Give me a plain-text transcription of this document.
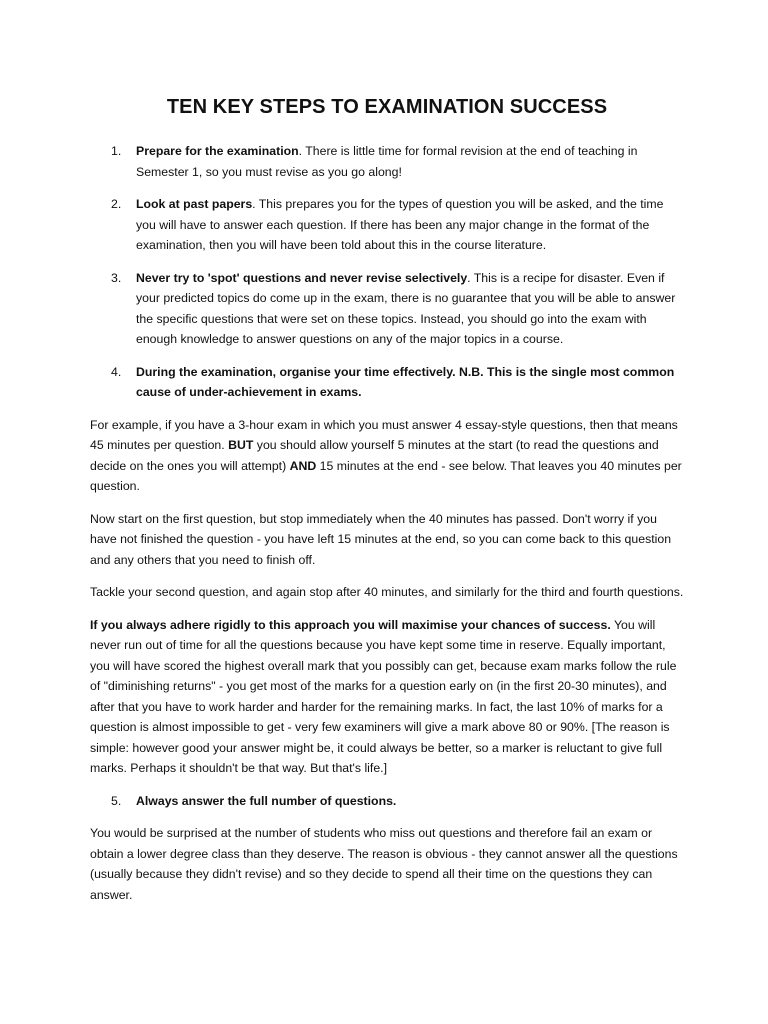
TEN KEY STEPS TO EXAMINATION SUCCESS
1.	Prepare for the examination. There is little time for formal revision at the end of teaching in Semester 1, so you must revise as you go along!
2.	Look at past papers. This prepares you for the types of question you will be asked, and the time you will have to answer each question. If there has been any major change in the format of the examination, then you will have been told about this in the course literature.
3.	Never try to 'spot' questions and never revise selectively. This is a recipe for disaster. Even if your predicted topics do come up in the exam, there is no guarantee that you will be able to answer the specific questions that were set on these topics. Instead, you should go into the exam with enough knowledge to answer questions on any of the major topics in a course.
4.	During the examination, organise your time effectively. N.B. This is the single most common cause of under-achievement in exams.

For example, if you have a 3-hour exam in which you must answer 4 essay-style questions, then that means 45 minutes per question. BUT you should allow yourself 5 minutes at the start (to read the questions and decide on the ones you will attempt) AND 15 minutes at the end - see below. That leaves you 40 minutes per question.

Now start on the first question, but stop immediately when the 40 minutes has passed. Don't worry if you have not finished the question - you have left 15 minutes at the end, so you can come back to this question and any others that you need to finish off.

Tackle your second question, and again stop after 40 minutes, and similarly for the third and fourth questions.

If you always adhere rigidly to this approach you will maximise your chances of success. You will never run out of time for all the questions because you have kept some time in reserve. Equally important, you will have scored the highest overall mark that you possibly can get, because exam marks follow the rule of "diminishing returns" - you get most of the marks for a question early on (in the first 20-30 minutes), and after that you have to work harder and harder for the remaining marks. In fact, the last 10% of marks for a question is almost impossible to get - very few examiners will give a mark above 80 or 90%. [The reason is simple: however good your answer might be, it could always be better, so a marker is reluctant to give full marks. Perhaps it shouldn't be that way. But that's life.]

5.	Always answer the full number of questions.

You would be surprised at the number of students who miss out questions and therefore fail an exam or obtain a lower degree class than they deserve. The reason is obvious - they cannot answer all the questions (usually because they didn't revise) and so they decide to spend all their time on the questions they can answer.
